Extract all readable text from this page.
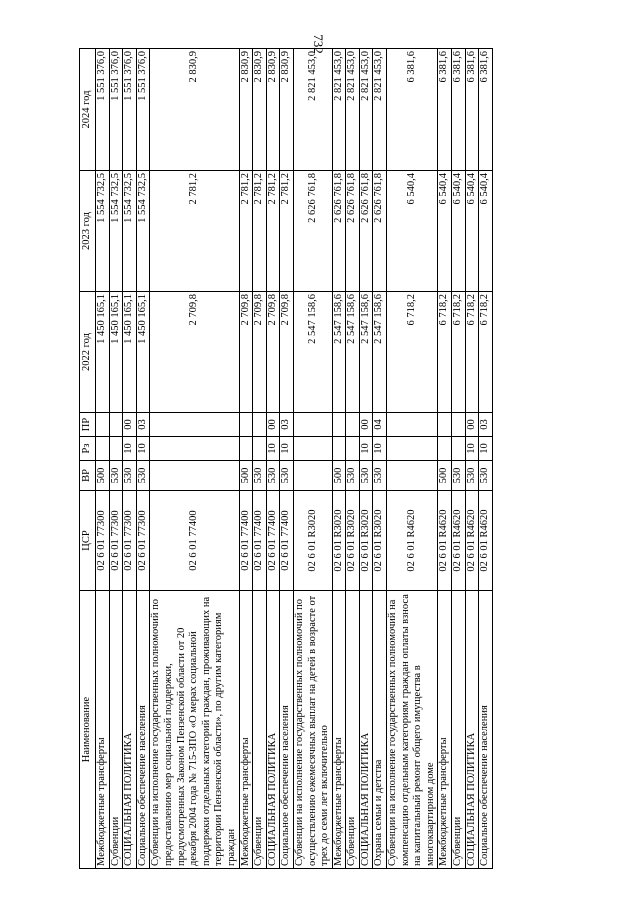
732
Наименование	ЦСР	ВР	Рз	ПР	2022 год	2023 год	2024 год
Межбюджетные трансферты	02 6 01 77300	500			1 450 165,1	1 554 732,5	1 551 376,0
Субвенции	02 6 01 77300	530			1 450 165,1	1 554 732,5	1 551 376,0
СОЦИАЛЬНАЯ ПОЛИТИКА	02 6 01 77300	530	10	00	1 450 165,1	1 554 732,5	1 551 376,0
Социальное обеспечение населения	02 6 01 77300	530	10	03	1 450 165,1	1 554 732,5	1 551 376,0
Субвенции на исполнение государственных полномочий по предоставлению мер социальной поддержки, предусмотренных Законом Пензенской области от 20 декабря 2004 года № 715-ЗПО «О мерах социальной поддержки отдельных категорий граждан, проживающих на территории Пензенской области», по другим категориям граждан	02 6 01 77400				2 709,8	2 781,2	2 830,9
Межбюджетные трансферты	02 6 01 77400	500			2 709,8	2 781,2	2 830,9
Субвенции	02 6 01 77400	530			2 709,8	2 781,2	2 830,9
СОЦИАЛЬНАЯ ПОЛИТИКА	02 6 01 77400	530	10	00	2 709,8	2 781,2	2 830,9
Социальное обеспечение населения	02 6 01 77400	530	10	03	2 709,8	2 781,2	2 830,9
Субвенции на исполнение государственных полномочий по осуществлению ежемесячных выплат на детей в возрасте от трех до семи лет включительно	02 6 01 R3020				2 547 158,6	2 626 761,8	2 821 453,0
Межбюджетные трансферты	02 6 01 R3020	500			2 547 158,6	2 626 761,8	2 821 453,0
Субвенции	02 6 01 R3020	530			2 547 158,6	2 626 761,8	2 821 453,0
СОЦИАЛЬНАЯ ПОЛИТИКА	02 6 01 R3020	530	10	00	2 547 158,6	2 626 761,8	2 821 453,0
Охрана семьи и детства	02 6 01 R3020	530	10	04	2 547 158,6	2 626 761,8	2 821 453,0
Субвенции на исполнение государственных полномочий на компенсацию отдельным категориям граждан оплаты взноса на капитальный ремонт общего имущества в многоквартирном доме	02 6 01 R4620				6 718,2	6 540,4	6 381,6
Межбюджетные трансферты	02 6 01 R4620	500			6 718,2	6 540,4	6 381,6
Субвенции	02 6 01 R4620	530			6 718,2	6 540,4	6 381,6
СОЦИАЛЬНАЯ ПОЛИТИКА	02 6 01 R4620	530	10	00	6 718,2	6 540,4	6 381,6
Социальное обеспечение населения	02 6 01 R4620	530	10	03	6 718,2	6 540,4	6 381,6
